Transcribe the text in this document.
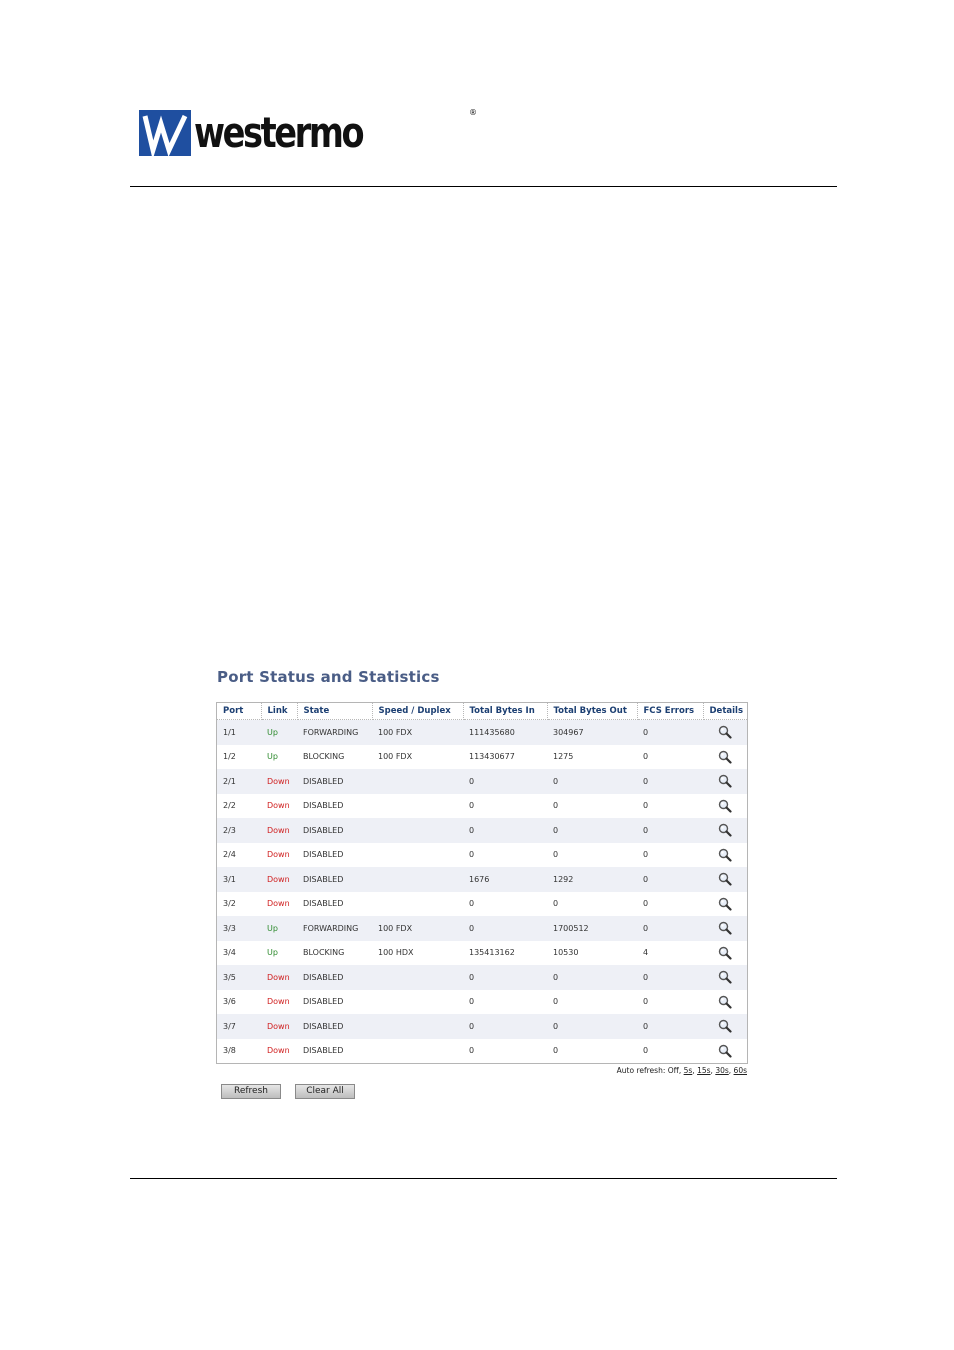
westermo	®
Port Status and Statistics
Port	Link	State	Speed / Duplex	Total Bytes In	Total Bytes Out	FCS Errors	Details
1/1	Up	FORWARDING	100 FDX	111435680	304967	0	
1/2	Up	BLOCKING	100 FDX	113430677	1275	0	
2/1	Down	DISABLED		0	0	0	
2/2	Down	DISABLED		0	0	0	
2/3	Down	DISABLED		0	0	0	
2/4	Down	DISABLED		0	0	0	
3/1	Down	DISABLED		1676	1292	0	
3/2	Down	DISABLED		0	0	0	
3/3	Up	FORWARDING	100 FDX	0	1700512	0	
3/4	Up	BLOCKING	100 HDX	135413162	10530	4	
3/5	Down	DISABLED		0	0	0	
3/6	Down	DISABLED		0	0	0	
3/7	Down	DISABLED		0	0	0	
3/8	Down	DISABLED		0	0	0	
Auto refresh: Off, 5s, 15s, 30s, 60s
Refresh	Clear All
